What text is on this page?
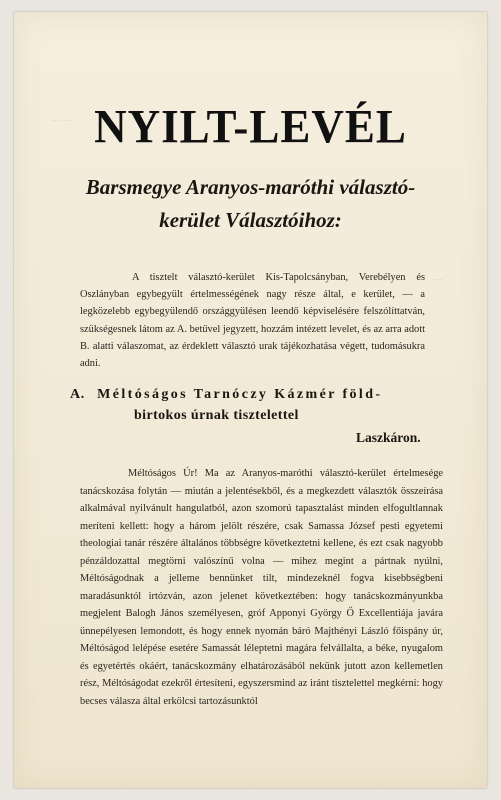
— —
—
NYILT-LEVÉL
Barsmegye Aranyos-maróthi választó-
kerület Választóihoz:

A tisztelt választó-kerület Kis-Tapolcsányban, Verebélyen és Oszlányban egybegyült értelmességének nagy része által, e kerület, — a legközelebb egybegyülendő országgyülésen leendő képviselésére felszólíttatván, szükségesnek látom az A. betűvel jegyzett, hozzám intézett levelet, és az arra adott B. alatti válaszomat, az érdeklett választó urak tájékozhatása végett, tudomásukra adni.

A. Méltóságos Tarnóczy Kázmér föld-
birtokos úrnak tisztelettel
Laszkáron.

Méltóságos Úr! Ma az Aranyos-maróthi választó-kerület értelmesége tanácskozása folytán — miután a jelentésekből, és a megkezdett választók összeírása alkalmával nyilvánult hangulatból, azon szomorú tapasztalást minden elfogultlannak meríteni kellett: hogy a három jelölt részére, csak Samassa József pesti egyetemi theologiai tanár részére általános többségre következtetni kellene, és ezt csak nagyobb pénzáldozattal megtörni valószínű volna — mihez megint a pártnak nyúlni, Méltóságodnak a jelleme bennünket tilt, mindezeknél fogva kisebbségbeni maradásunktól irtózván, azon jelenet következtében: hogy tanácskozmányunkba megjelent Balogh János személyesen, gróf Apponyi György Ő Excellentiája javára ünnepélyesen lemondott, és hogy ennek nyomán báró Majthényi László főispány úr, Méltóságod lelépése esetére Samassát léleptetni magára felvállalta, a béke, nyugalom és egyetértés okáért, tanácskozmány elhatározásából nekünk jutott azon kellemetlen rész, Méltóságodat ezekről értesíteni, egyszersmind az iránt tisztelettel megkérni: hogy becses válasza által erkölcsi tartozásunktól
